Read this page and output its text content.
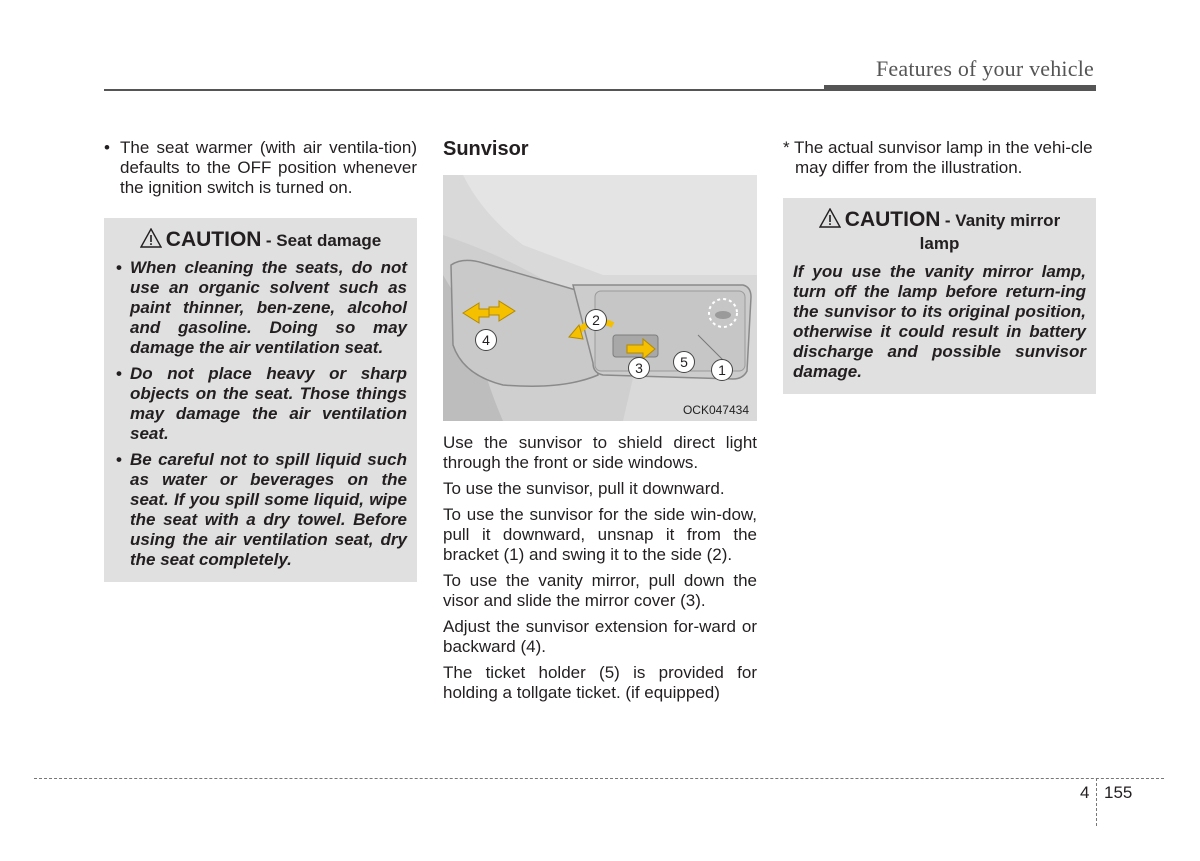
Features of your vehicle

• The seat warmer (with air ventila-tion) defaults to the OFF position whenever the ignition switch is turned on.

CAUTION - Seat damage

• When cleaning the seats, do not use an organic solvent such as paint thinner, ben-zene, alcohol and gasoline. Doing so may damage the air ventilation seat.

• Do not place heavy or sharp objects on the seat. Those things may damage the air ventilation seat.

• Be careful not to spill liquid such as water or beverages on the seat. If you spill some liquid, wipe the seat with a dry towel. Before using the air ventilation seat, dry the seat completely.

Sunvisor
1
2
3
4
5
OCK047434

Use the sunvisor to shield direct light through the front or side windows.

To use the sunvisor, pull it downward.

To use the sunvisor for the side win-dow, pull it downward, unsnap it from the bracket (1) and swing it to the side (2).

To use the vanity mirror, pull down the visor and slide the mirror cover (3).

Adjust the sunvisor extension for-ward or backward (4).

The ticket holder (5) is provided for holding a tollgate ticket. (if equipped)

* The actual sunvisor lamp in the vehi-cle may differ from the illustration.

CAUTION - Vanity mirror
lamp

If you use the vanity mirror lamp, turn off the lamp before return-ing the sunvisor to its original position, otherwise it could result in battery discharge and possible sunvisor damage.

4 155
